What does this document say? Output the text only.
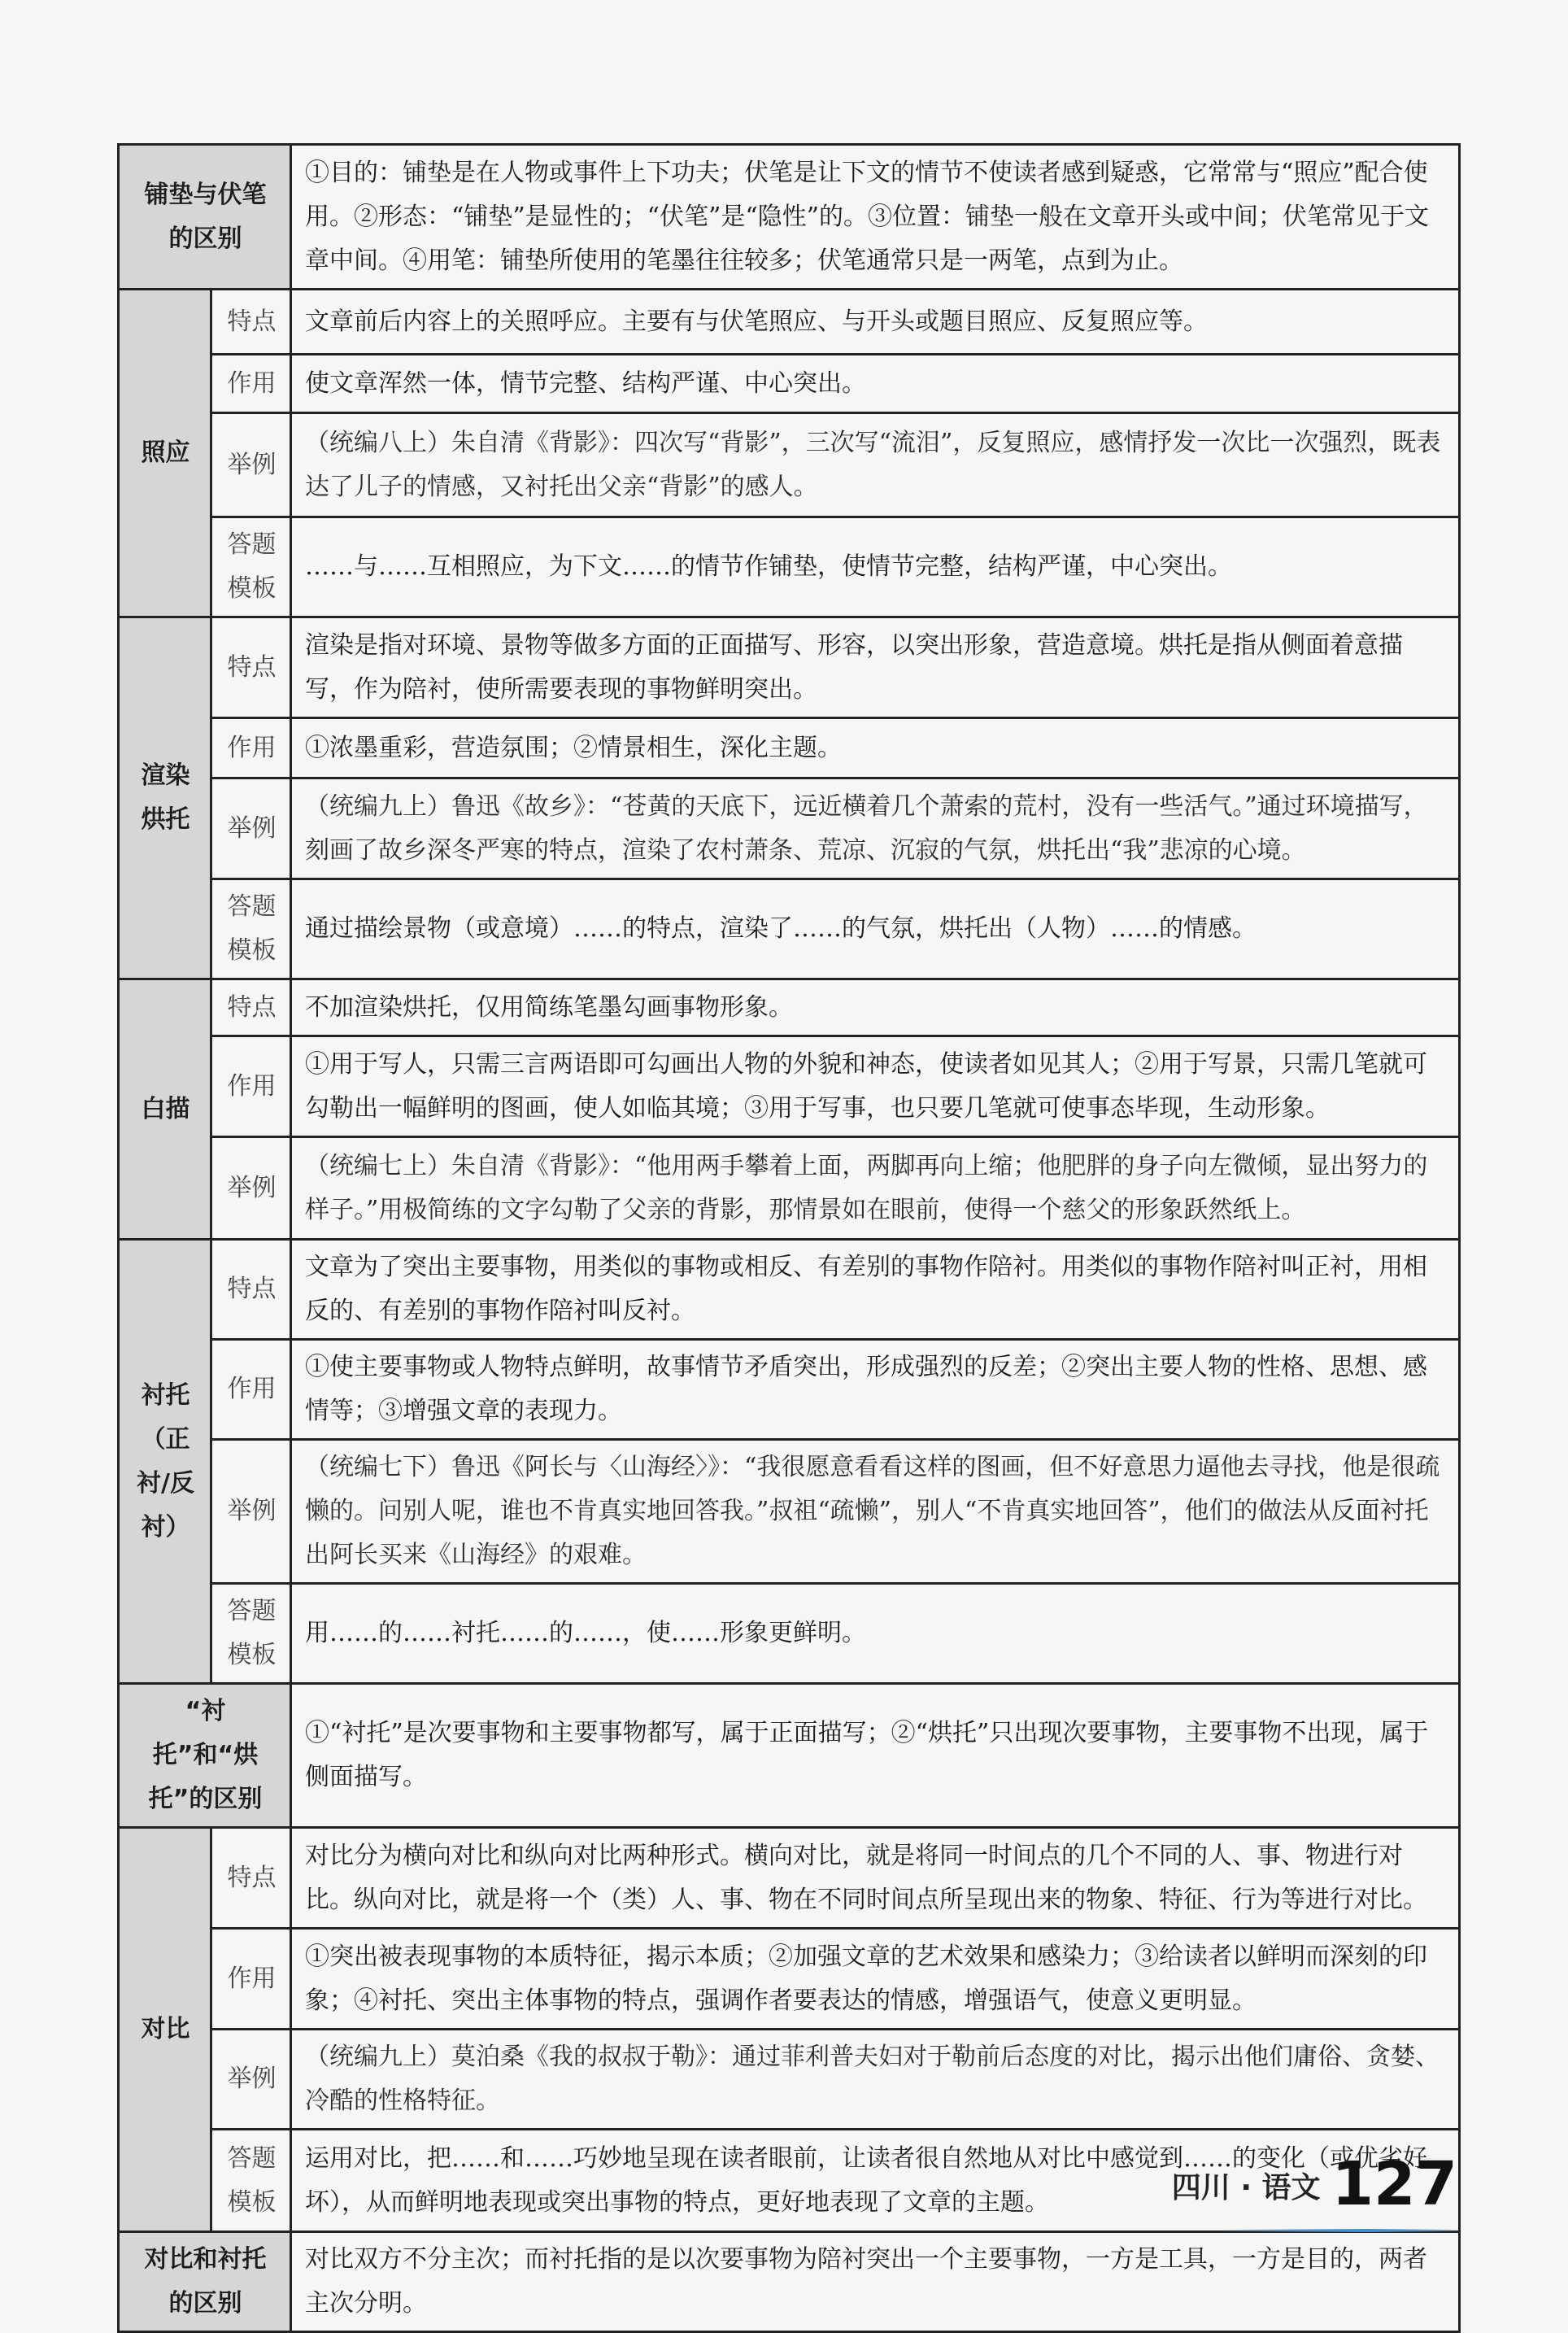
铺垫与伏笔的区别		①目的：铺垫是在人物或事件上下功夫；伏笔是让下文的情节不使读者感到疑惑，它常常与“照应”配合使用。②形态：“铺垫”是显性的；“伏笔”是“隐性”的。③位置：铺垫一般在文章开头或中间；伏笔常见于文章中间。④用笔：铺垫所使用的笔墨往往较多；伏笔通常只是一两笔，点到为止。
照应	特点	文章前后内容上的关照呼应。主要有与伏笔照应、与开头或题目照应、反复照应等。
	作用	使文章浑然一体，情节完整、结构严谨、中心突出。
	举例	（统编八上）朱自清《背影》：四次写“背影”，三次写“流泪”，反复照应，感情抒发一次比一次强烈，既表达了儿子的情感，又衬托出父亲“背影”的感人。
	答题模板	……与……互相照应，为下文……的情节作铺垫，使情节完整，结构严谨，中心突出。
渲染烘托	特点	渲染是指对环境、景物等做多方面的正面描写、形容，以突出形象，营造意境。烘托是指从侧面着意描写，作为陪衬，使所需要表现的事物鲜明突出。
	作用	①浓墨重彩，营造氛围；②情景相生，深化主题。
	举例	（统编九上）鲁迅《故乡》：“苍黄的天底下，远近横着几个萧索的荒村，没有一些活气。”通过环境描写，刻画了故乡深冬严寒的特点，渲染了农村萧条、荒凉、沉寂的气氛，烘托出“我”悲凉的心境。
	答题模板	通过描绘景物（或意境）……的特点，渲染了……的气氛，烘托出（人物）……的情感。
白描	特点	不加渲染烘托，仅用简练笔墨勾画事物形象。
	作用	①用于写人，只需三言两语即可勾画出人物的外貌和神态，使读者如见其人；②用于写景，只需几笔就可勾勒出一幅鲜明的图画，使人如临其境；③用于写事，也只要几笔就可使事态毕现，生动形象。
	举例	（统编七上）朱自清《背影》：“他用两手攀着上面，两脚再向上缩；他肥胖的身子向左微倾，显出努力的样子。”用极简练的文字勾勒了父亲的背影，那情景如在眼前，使得一个慈父的形象跃然纸上。
衬托（正衬/反衬）	特点	文章为了突出主要事物，用类似的事物或相反、有差别的事物作陪衬。用类似的事物作陪衬叫正衬，用相反的、有差别的事物作陪衬叫反衬。
	作用	①使主要事物或人物特点鲜明，故事情节矛盾突出，形成强烈的反差；②突出主要人物的性格、思想、感情等；③增强文章的表现力。
	举例	（统编七下）鲁迅《阿长与〈山海经〉》：“我很愿意看看这样的图画，但不好意思力逼他去寻找，他是很疏懒的。问别人呢，谁也不肯真实地回答我。”叔祖“疏懒”，别人“不肯真实地回答”，他们的做法从反面衬托出阿长买来《山海经》的艰难。
	答题模板	用……的……衬托……的……，使……形象更鲜明。
“衬托”和“烘托”的区别		①“衬托”是次要事物和主要事物都写，属于正面描写；②“烘托”只出现次要事物，主要事物不出现，属于侧面描写。
对比	特点	对比分为横向对比和纵向对比两种形式。横向对比，就是将同一时间点的几个不同的人、事、物进行对比。纵向对比，就是将一个（类）人、事、物在不同时间点所呈现出来的物象、特征、行为等进行对比。
	作用	①突出被表现事物的本质特征，揭示本质；②加强文章的艺术效果和感染力；③给读者以鲜明而深刻的印象；④衬托、突出主体事物的特点，强调作者要表达的情感，增强语气，使意义更明显。
	举例	（统编九上）莫泊桑《我的叔叔于勒》：通过菲利普夫妇对于勒前后态度的对比，揭示出他们庸俗、贪婪、冷酷的性格特征。
	答题模板	运用对比，把……和……巧妙地呈现在读者眼前，让读者很自然地从对比中感觉到……的变化（或优劣好坏），从而鲜明地表现或突出事物的特点，更好地表现了文章的主题。
对比和衬托的区别		对比双方不分主次；而衬托指的是以次要事物为陪衬突出一个主要事物，一方是工具，一方是目的，两者主次分明。
四川 · 语文 127
